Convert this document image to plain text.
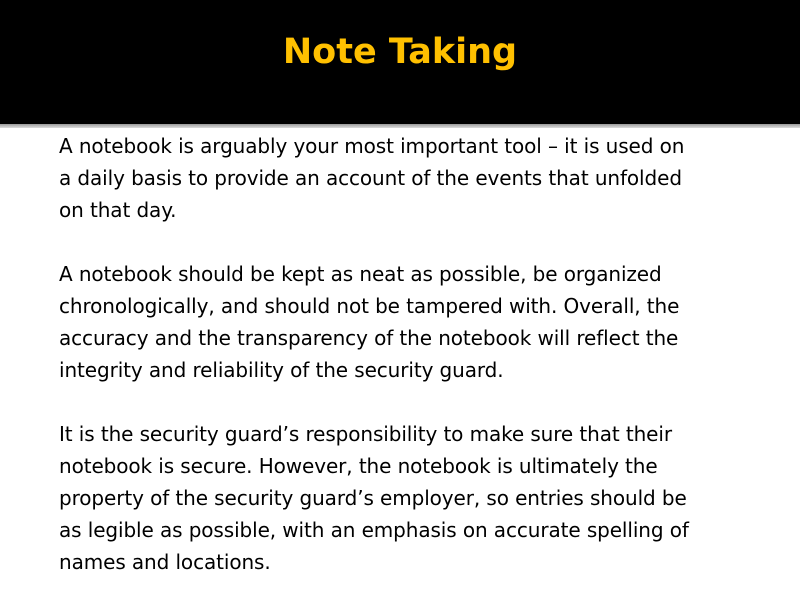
Note Taking

A notebook is arguably your most important tool – it is used on
a daily basis to provide an account of the events that unfolded
on that day.

A notebook should be kept as neat as possible, be organized
chronologically, and should not be tampered with. Overall, the
accuracy and the transparency of the notebook will reflect the
integrity and reliability of the security guard.

It is the security guard’s responsibility to make sure that their
notebook is secure. However, the notebook is ultimately the
property of the security guard’s employer, so entries should be
as legible as possible, with an emphasis on accurate spelling of
names and locations.
